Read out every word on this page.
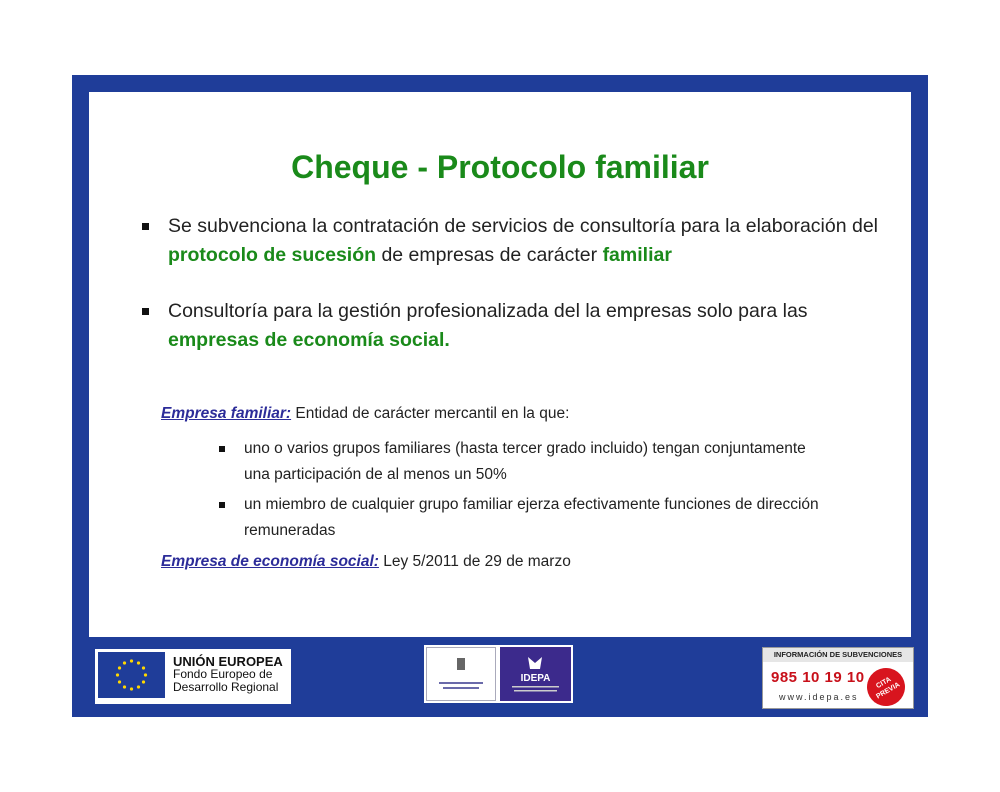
Cheque - Protocolo familiar
Se subvenciona la contratación de servicios de consultoría para la elaboración del protocolo de sucesión de empresas de carácter familiar
Consultoría para la gestión profesionalizada del la empresas solo para las empresas de economía social.
Empresa familiar: Entidad de carácter mercantil en la que:
uno o varios grupos familiares (hasta tercer grado incluido) tengan conjuntamente una participación de al menos un 50%
un miembro de cualquier grupo familiar ejerza efectivamente funciones de dirección remuneradas
Empresa de economía social: Ley 5/2011 de 29 de marzo
UNIÓN EUROPEA
Fondo Europeo de
Desarrollo Regional
IDEPA
INFORMACIÓN DE SUBVENCIONES
985 10 19 10
www.idepa.es
CITA PREVIA
